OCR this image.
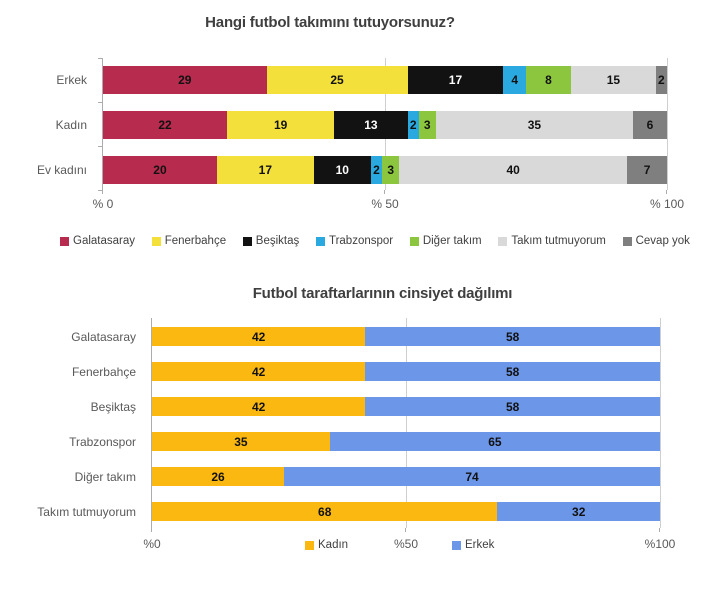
Hangi futbol takımını tutuyorsunuz?
Erkek
Kadın
Ev kadını
29	25	17	4 8	15	2
22	19	13	2 3	35	6
20	17	10 2 3	40	7
% 0	% 50	% 100
Galatasaray	Fenerbahçe	Beşiktaş	Trabzonspor	Diğer takım	Takım tutmuyorum	Cevap yok
Futbol taraftarlarının cinsiyet dağılımı
Galatasaray
Fenerbahçe
Beşiktaş
Trabzonspor
Diğer takım
Takım tutmuyorum
42	58
42	58
42	58
35	65
26	74
68	32
%0	%50	%100
Kadın	Erkek
